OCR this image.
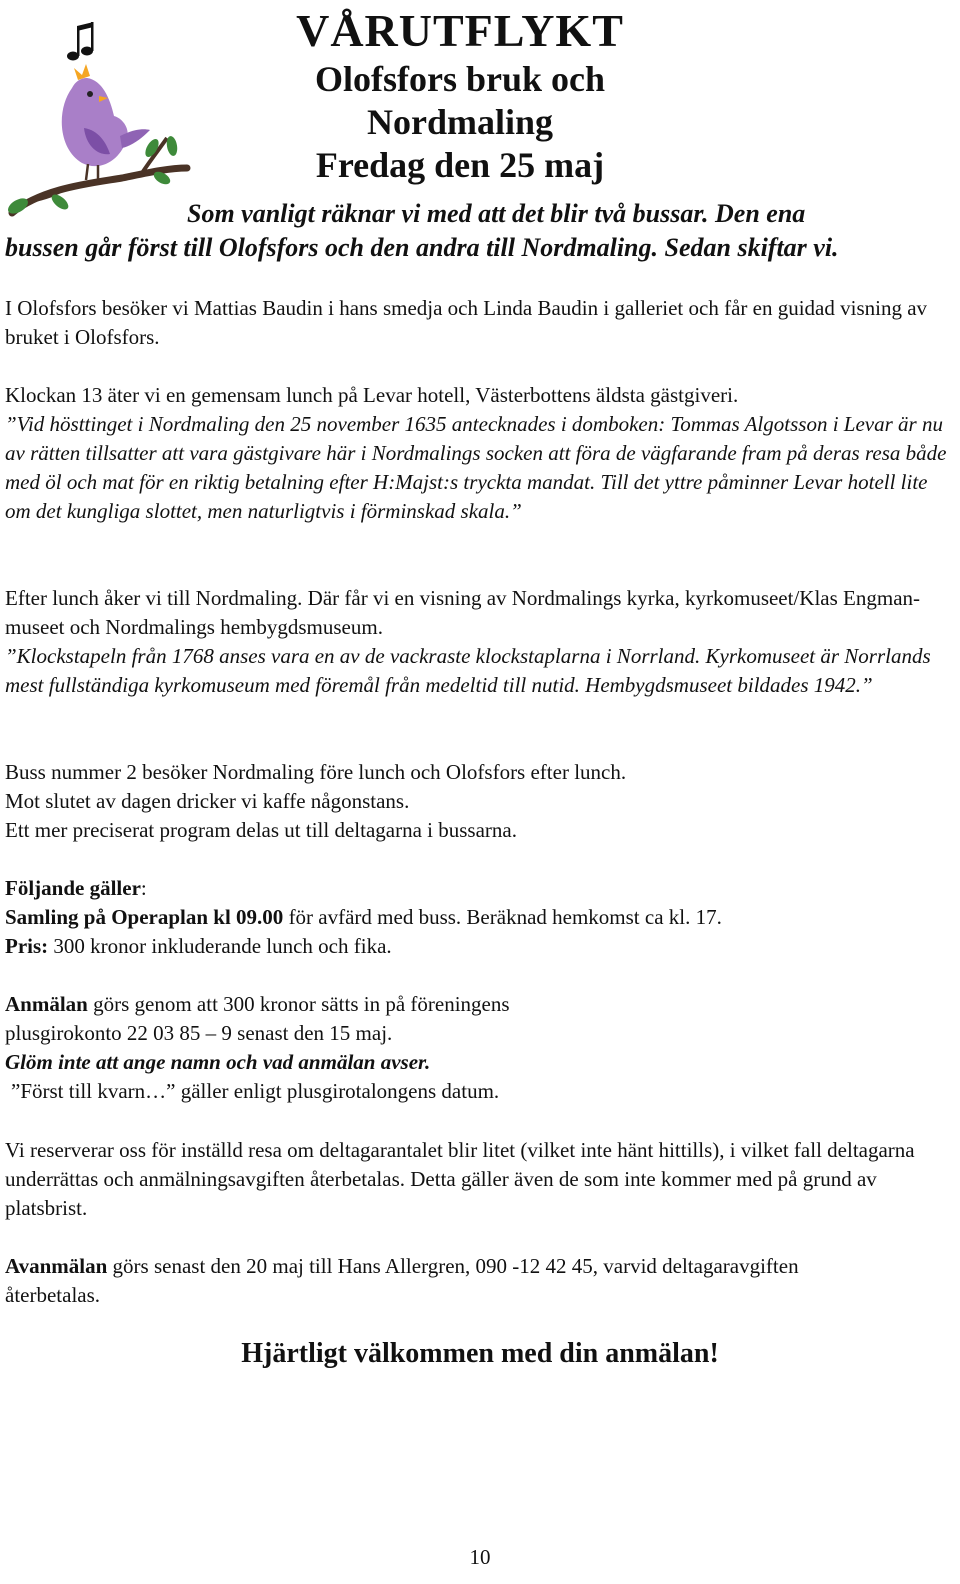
VÅRUTFLYKT
Olofsfors bruk och
Nordmaling
Fredag den 25 maj
Som vanligt räknar vi med att det blir två bussar. Den ena
bussen går först till Olofsfors och den andra till Nordmaling. Sedan skiftar vi.

I Olofsfors besöker vi Mattias Baudin i hans smedja och Linda Baudin i galleriet och får en guidad visning av bruket i Olofsfors.

Klockan 13 äter vi en gemensam lunch på Levar hotell, Västerbottens äldsta gästgiveri.

”Vid hösttinget i Nordmaling den 25 november 1635 antecknades i domboken: Tommas Algotsson i Levar är nu av rätten tillsatter att vara gästgivare här i Nordmalings socken att föra de vägfarande fram på deras resa både med öl och mat för en riktig betalning efter H:Majst:s tryckta mandat. Till det yttre påminner Levar hotell lite om det kungliga slottet, men naturligtvis i förminskad skala.”

Efter lunch åker vi till Nordmaling. Där får vi en visning av Nordmalings kyrka, kyrkomuseet/Klas Engman-museet och Nordmalings hembygdsmuseum.

”Klockstapeln från 1768 anses vara en av de vackraste klockstaplarna i Norrland. Kyrkomuseet är Norrlands mest fullständiga kyrkomuseum med föremål från medeltid till nutid. Hembygdsmuseet bildades 1942.”

Buss nummer 2 besöker Nordmaling före lunch och Olofsfors efter lunch.

Mot slutet av dagen dricker vi kaffe någonstans.

Ett mer preciserat program delas ut till deltagarna i bussarna.

Följande gäller:

Samling på Operaplan kl 09.00 för avfärd med buss. Beräknad hemkomst ca kl. 17.

Pris: 300 kronor inkluderande lunch och fika.

Anmälan görs genom att 300 kronor sätts in på föreningens

plusgirokonto 22 03 85 – 9 senast den 15 maj.

Glöm inte att ange namn och vad anmälan avser.

”Först till kvarn…” gäller enligt plusgirotalongens datum.

Vi reserverar oss för inställd resa om deltagarantalet blir litet (vilket inte hänt hittills), i vilket fall deltagarna underrättas och anmälningsavgiften återbetalas. Detta gäller även de som inte kommer med på grund av platsbrist.

Avanmälan görs senast den 20 maj till Hans Allergren, 090 -12 42 45, varvid deltagaravgiften återbetalas.

Hjärtligt välkommen med din anmälan!
10
